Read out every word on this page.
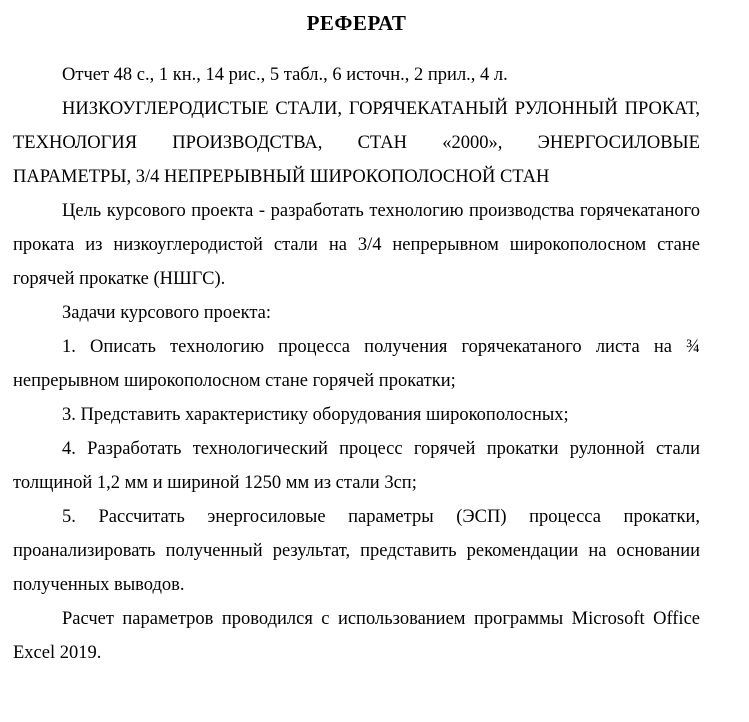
РЕФЕРАТ

Отчет 48 с., 1 кн., 14 рис., 5 табл., 6 источн., 2 прил., 4 л.

НИЗКОУГЛЕРОДИСТЫЕ СТАЛИ, ГОРЯЧЕКАТАНЫЙ РУЛОННЫЙ ПРОКАТ, ТЕХНОЛОГИЯ ПРОИЗВОДСТВА, СТАН «2000», ЭНЕРГОСИЛОВЫЕ ПАРАМЕТРЫ, 3/4 НЕПРЕРЫВНЫЙ ШИРОКОПОЛОСНОЙ СТАН

Цель курсового проекта - разработать технологию производства горячекатаного проката из низкоуглеродистой стали на 3/4 непрерывном широкополосном стане горячей прокатке (НШГС).

Задачи курсового проекта:

1. Описать технологию процесса получения горячекатаного листа на ¾ непрерывном широкополосном стане горячей прокатки;

3. Представить характеристику оборудования широкополосных;

4. Разработать технологический процесс горячей прокатки рулонной стали толщиной 1,2 мм и шириной 1250 мм из стали 3сп;

5. Рассчитать энергосиловые параметры (ЭСП) процесса прокатки, проанализировать полученный результат, представить рекомендации на основании полученных выводов.

Расчет параметров проводился с использованием программы Microsoft Office Excel 2019.
